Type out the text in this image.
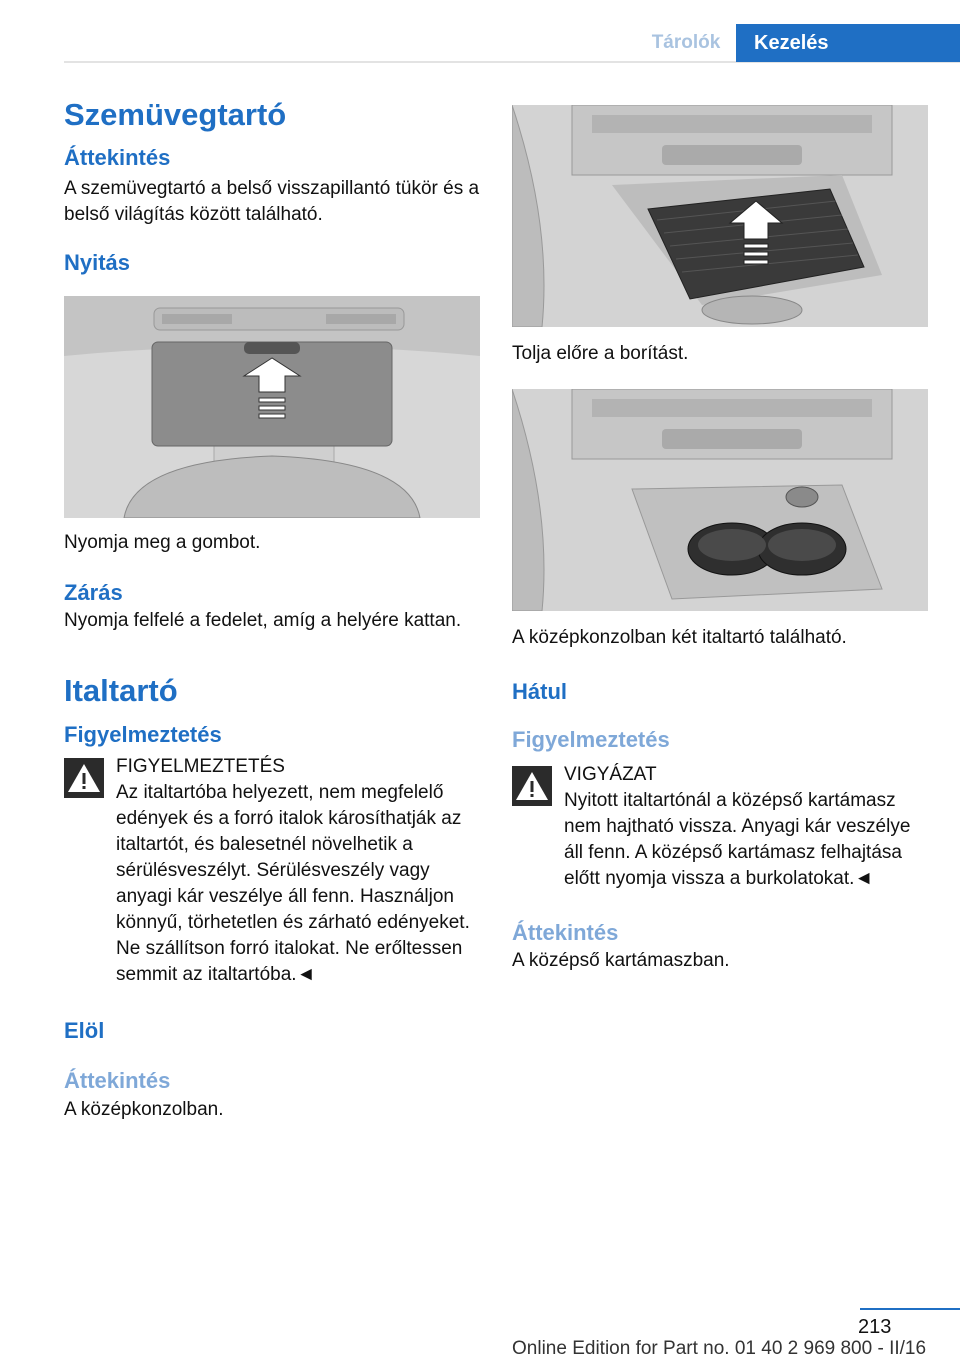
Tárolók	Kezelés
Szemüvegtartó
Áttekintés

A szemüvegtartó a belső visszapillantó tükör és a belső világítás között található.

Nyitás

Nyomja meg a gombot.

Zárás

Nyomja felfelé a fedelet, amíg a helyére kattan.

Italtartó
Figyelmeztetés
FIGYELMEZTETÉS
Az italtartóba helyezett, nem megfelelő edények és a forró italok károsíthatják az italtartót, és balesetnél növelhetik a sérülésveszélyt. Sérülésveszély vagy anyagi kár veszélye áll fenn. Használjon könnyű, törhetetlen és zárható edényeket. Ne szállítson forró italokat. Ne erőltessen semmit az italtartóba.◄
Elöl
Áttekintés

A középkonzolban.

Tolja előre a borítást.

A középkonzolban két italtartó található.

Hátul
Figyelmeztetés
VIGYÁZAT
Nyitott italtartónál a középső kartámasz nem hajtható vissza. Anyagi kár veszélye áll fenn. A középső kartámasz felhajtása előtt nyomja vissza a burkolatokat.◄
Áttekintés

A középső kartámaszban.

213
Online Edition for Part no. 01 40 2 969 800 - II/16
